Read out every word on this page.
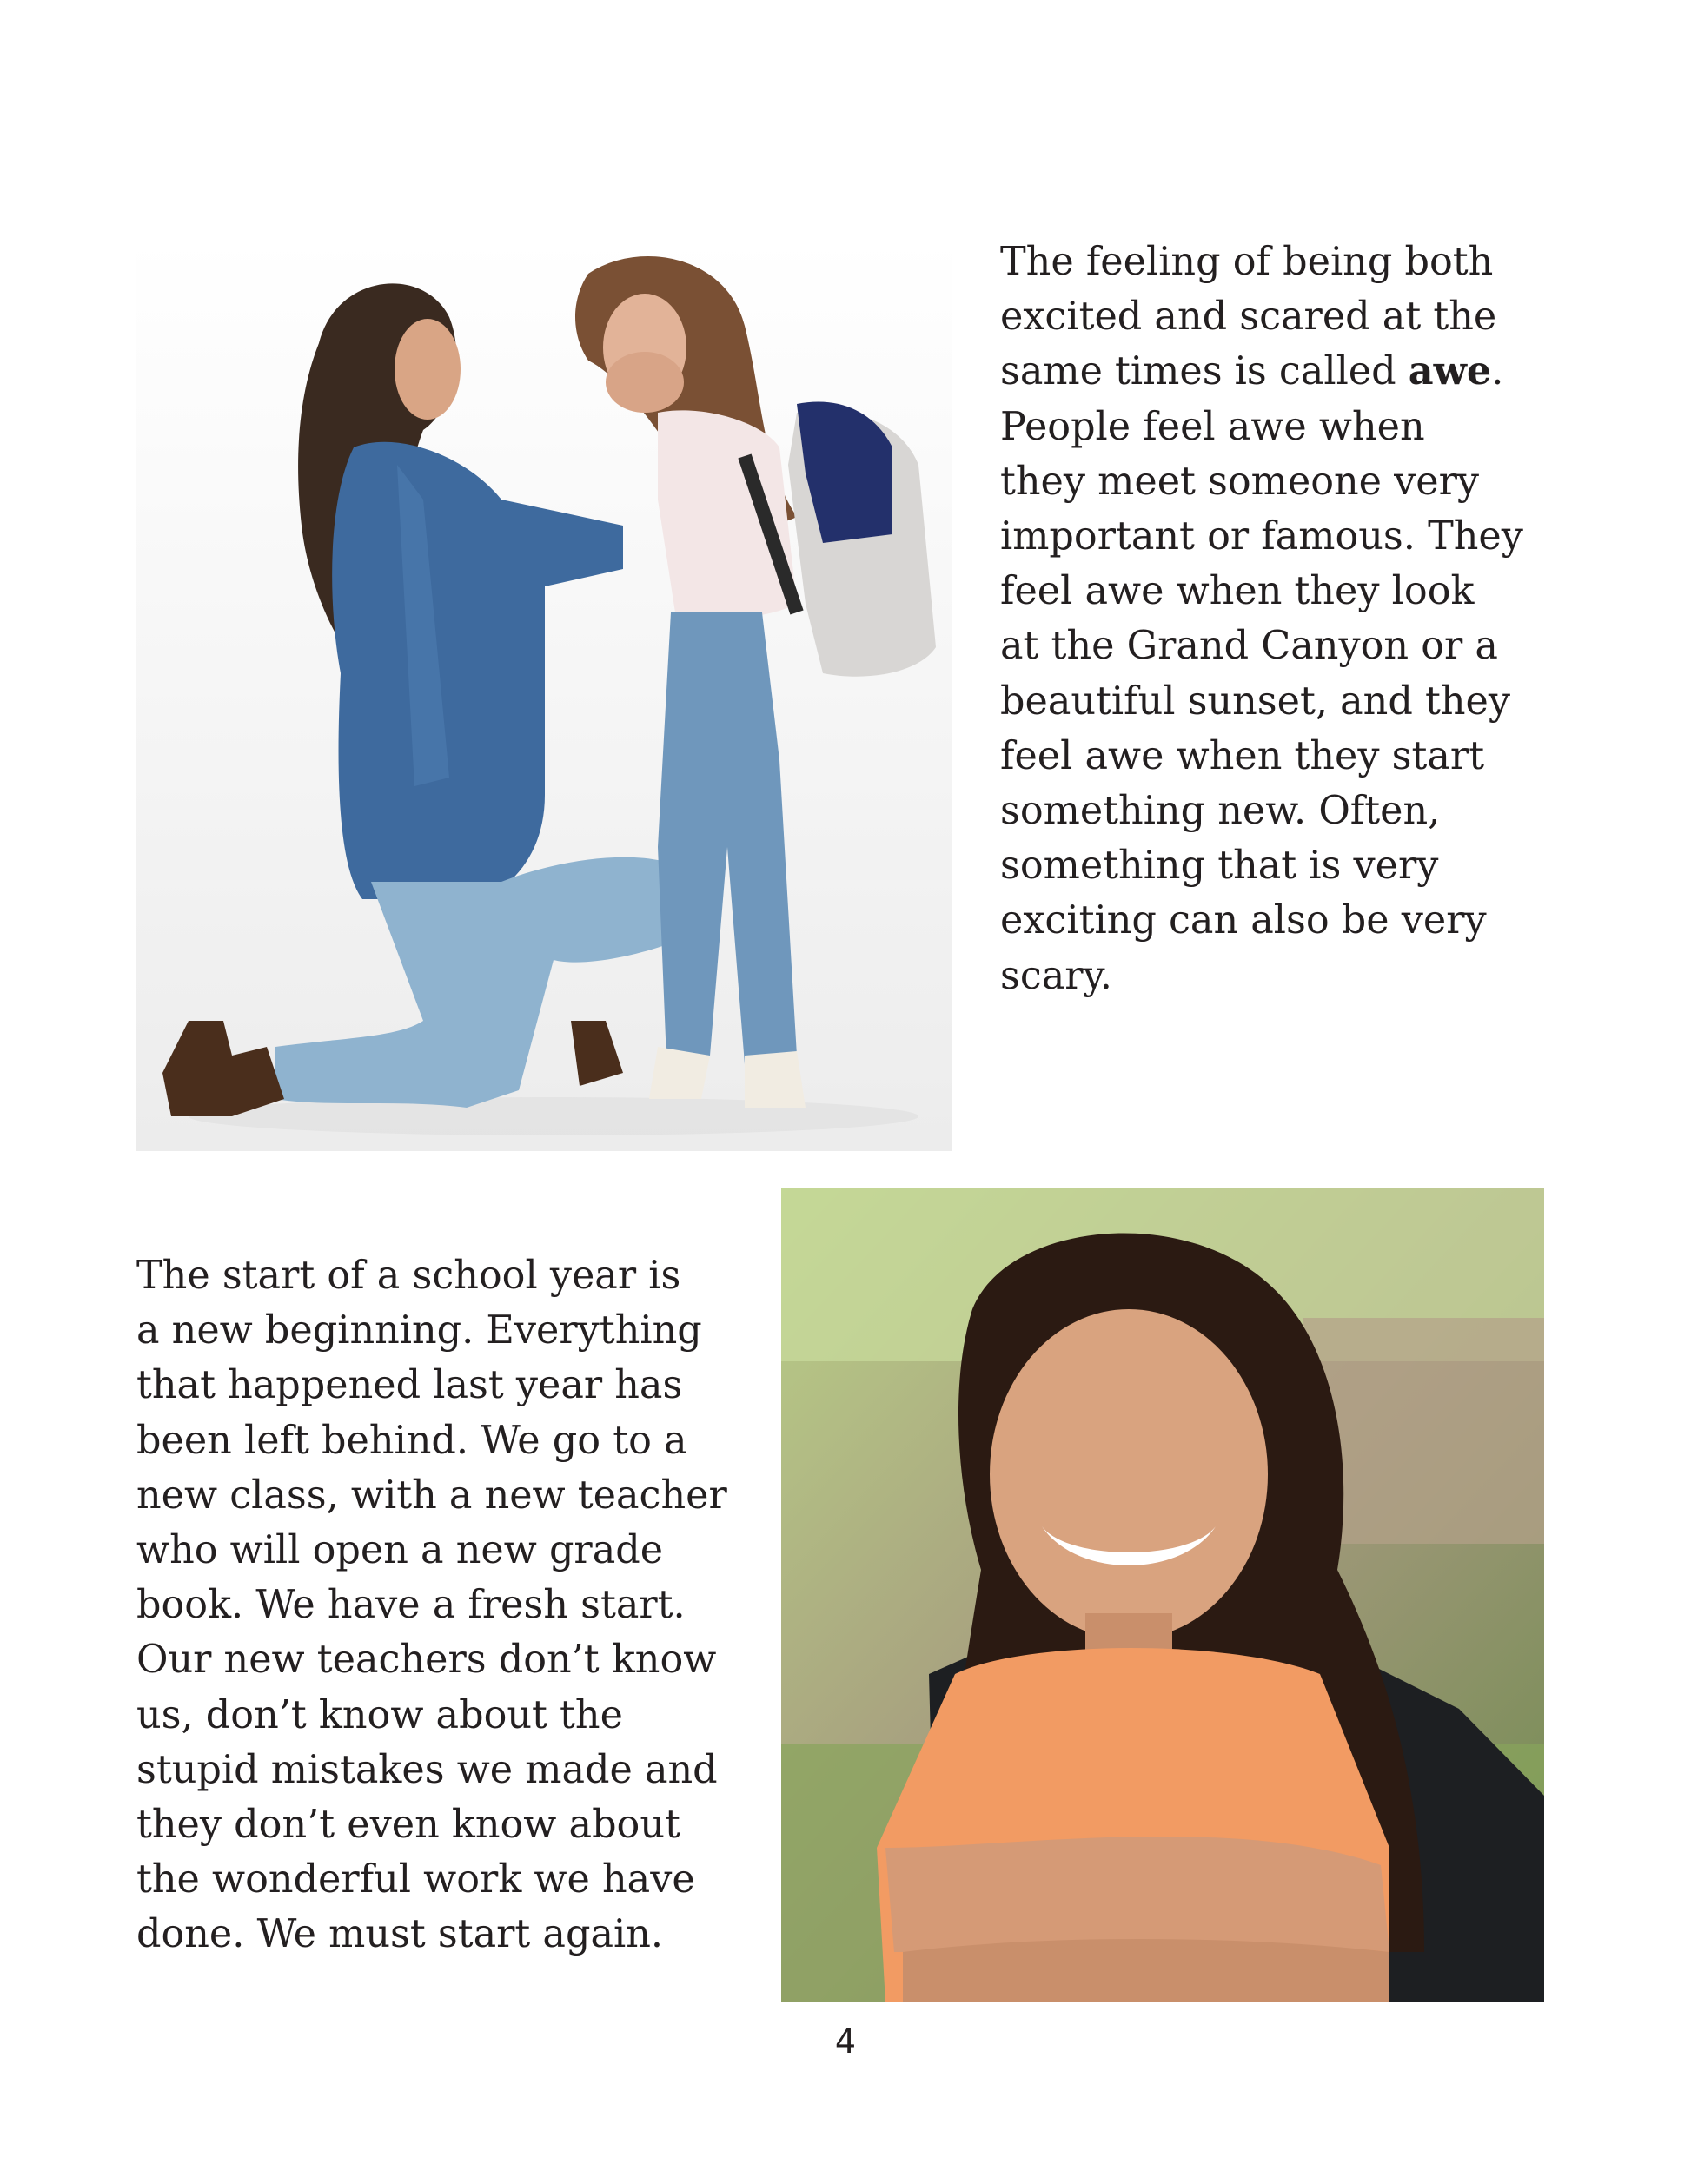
The feeling of being both
excited and scared at the
same times is called awe.
People feel awe when
they meet someone very
important or famous. They
feel awe when they look
at the Grand Canyon or a
beautiful sunset, and they
feel awe when they start
something new. Often,
something that is very
exciting can also be very
scary.

The start of a school year is
a new beginning. Everything
that happened last year has
been left behind. We go to a
new class, with a new teacher
who will open a new grade
book. We have a fresh start.
Our new teachers don’t know
us, don’t know about the
stupid mistakes we made and
they don’t even know about
the wonderful work we have
done. We must start again.

4
